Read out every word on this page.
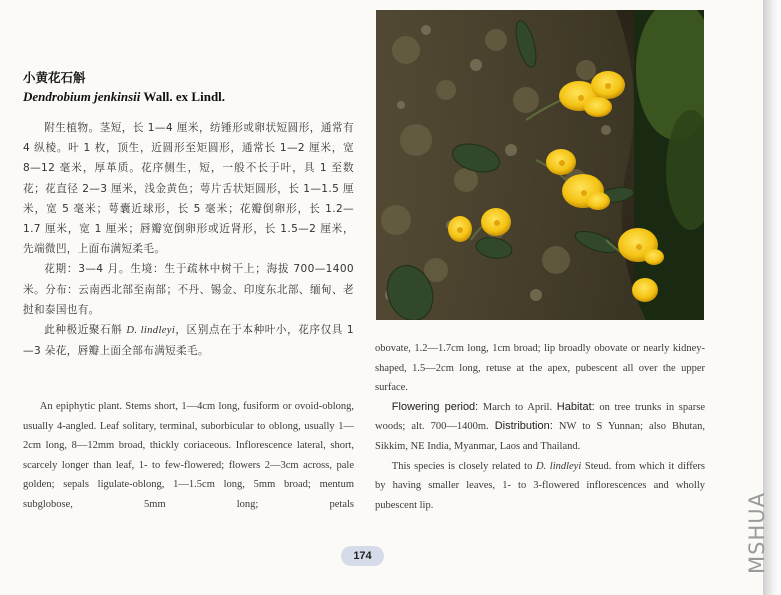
小黄花石斛
Dendrobium jenkinsii Wall. ex Lindl.

附生植物。茎短，长 1—4 厘米，纺锤形或卵状短圆形，通常有 4 纵棱。叶 1 枚，顶生，近圆形至矩圆形，通常长 1—2 厘米，宽 8—12 毫米，厚革质。花序侧生，短，一般不长于叶，具 1 至数花；花直径 2—3 厘米，浅金黄色；萼片舌状矩圆形，长 1—1.5 厘米，宽 5 毫米；萼囊近球形，长 5 毫米；花瓣倒卵形，长 1.2—1.7 厘米，宽 1 厘米；唇瓣宽倒卵形或近肾形，长 1.5—2 厘米，先端微凹，上面布满短柔毛。

花期：3—4 月。生境：生于疏林中树干上；海拔 700—1400 米。分布：云南西北部至南部；不丹、锡金、印度东北部、缅甸、老挝和泰国也有。

此种极近聚石斛 D. lindleyi，区别点在于本种叶小，花序仅具 1—3 朵花，唇瓣上面全部布满短柔毛。

An epiphytic plant. Stems short, 1—4cm long, fusiform or ovoid-oblong, usually 4-angled. Leaf solitary, terminal, suborbicular to oblong, usually 1—2cm long, 8—12mm broad, thickly coriaceous. Inflorescence lateral, short, scarcely longer than leaf, 1- to few-flowered; flowers 2—3cm across, pale golden; sepals ligulate-oblong, 1—1.5cm long, 5mm broad; mentum subglobose, 5mm long; petals

obovate, 1.2—1.7cm long, 1cm broad; lip broadly obovate or nearly kidney-shaped, 1.5—2cm long, retuse at the apex, pubescent all over the upper surface.

Flowering period: March to April. Habitat: on tree trunks in sparse woods; alt. 700—1400m. Distribution: NW to S Yunnan; also Bhutan, Sikkim, NE India, Myanmar, Laos and Thailand.

This species is closely related to D. lindleyi Steud. from which it differs by having smaller leaves, 1- to 3-flowered inflorescences and wholly pubescent lip.

174	MSHUA
